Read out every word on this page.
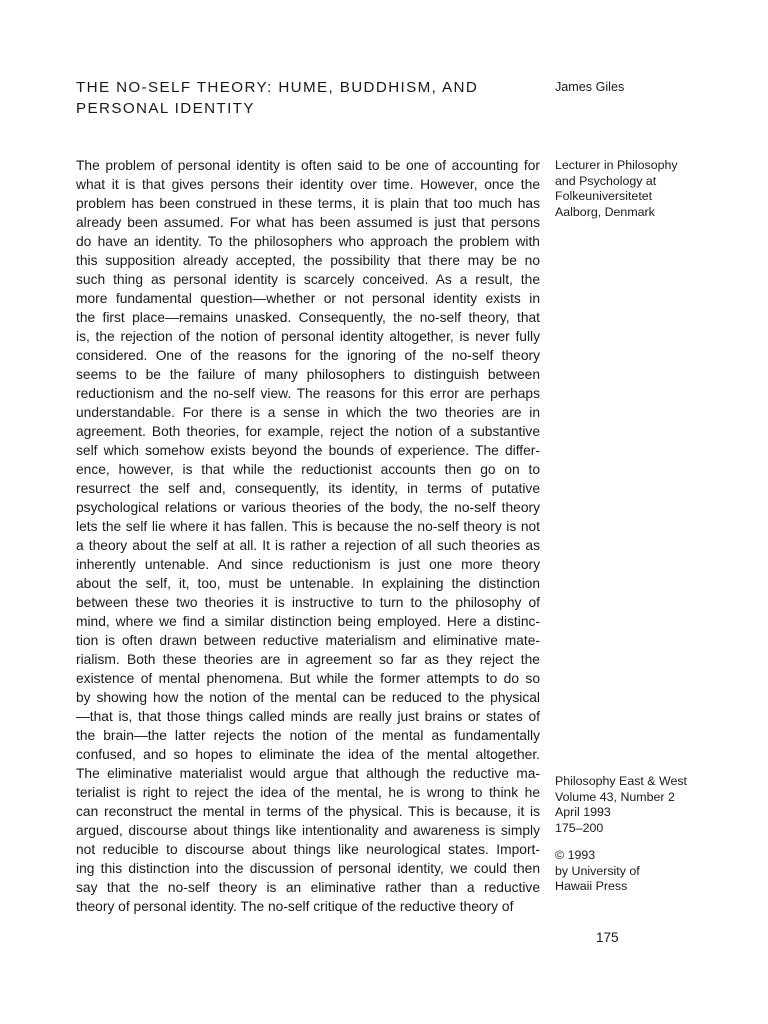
THE NO-SELF THEORY: HUME, BUDDHISM, AND
PERSONAL IDENTITY

James Giles

Lecturer in Philosophy
and Psychology at
Folkeuniversitetet
Aalborg, Denmark

The problem of personal identity is often said to be one of accounting for
what it is that gives persons their identity over time. However, once the
problem has been construed in these terms, it is plain that too much has
already been assumed. For what has been assumed is just that persons
do have an identity. To the philosophers who approach the problem with
this supposition already accepted, the possibility that there may be no
such thing as personal identity is scarcely conceived. As a result, the
more fundamental question—whether or not personal identity exists in
the first place—remains unasked. Consequently, the no-self theory, that
is, the rejection of the notion of personal identity altogether, is never fully
considered. One of the reasons for the ignoring of the no-self theory
seems to be the failure of many philosophers to distinguish between
reductionism and the no-self view. The reasons for this error are perhaps
understandable. For there is a sense in which the two theories are in
agreement. Both theories, for example, reject the notion of a substantive
self which somehow exists beyond the bounds of experience. The differ-
ence, however, is that while the reductionist accounts then go on to
resurrect the self and, consequently, its identity, in terms of putative
psychological relations or various theories of the body, the no-self theory
lets the self lie where it has fallen. This is because the no-self theory is not
a theory about the self at all. It is rather a rejection of all such theories as
inherently untenable. And since reductionism is just one more theory
about the self, it, too, must be untenable. In explaining the distinction
between these two theories it is instructive to turn to the philosophy of
mind, where we find a similar distinction being employed. Here a distinc-
tion is often drawn between reductive materialism and eliminative mate-
rialism. Both these theories are in agreement so far as they reject the
existence of mental phenomena. But while the former attempts to do so
by showing how the notion of the mental can be reduced to the physical
—that is, that those things called minds are really just brains or states of
the brain—the latter rejects the notion of the mental as fundamentally
confused, and so hopes to eliminate the idea of the mental altogether.
The eliminative materialist would argue that although the reductive ma-
terialist is right to reject the idea of the mental, he is wrong to think he
can reconstruct the mental in terms of the physical. This is because, it is
argued, discourse about things like intentionality and awareness is simply
not reducible to discourse about things like neurological states. Import-
ing this distinction into the discussion of personal identity, we could then
say that the no-self theory is an eliminative rather than a reductive
theory of personal identity. The no-self critique of the reductive theory of

Philosophy East & West
Volume 43, Number 2
April 1993
175–200

© 1993
by University of
Hawaii Press

175
